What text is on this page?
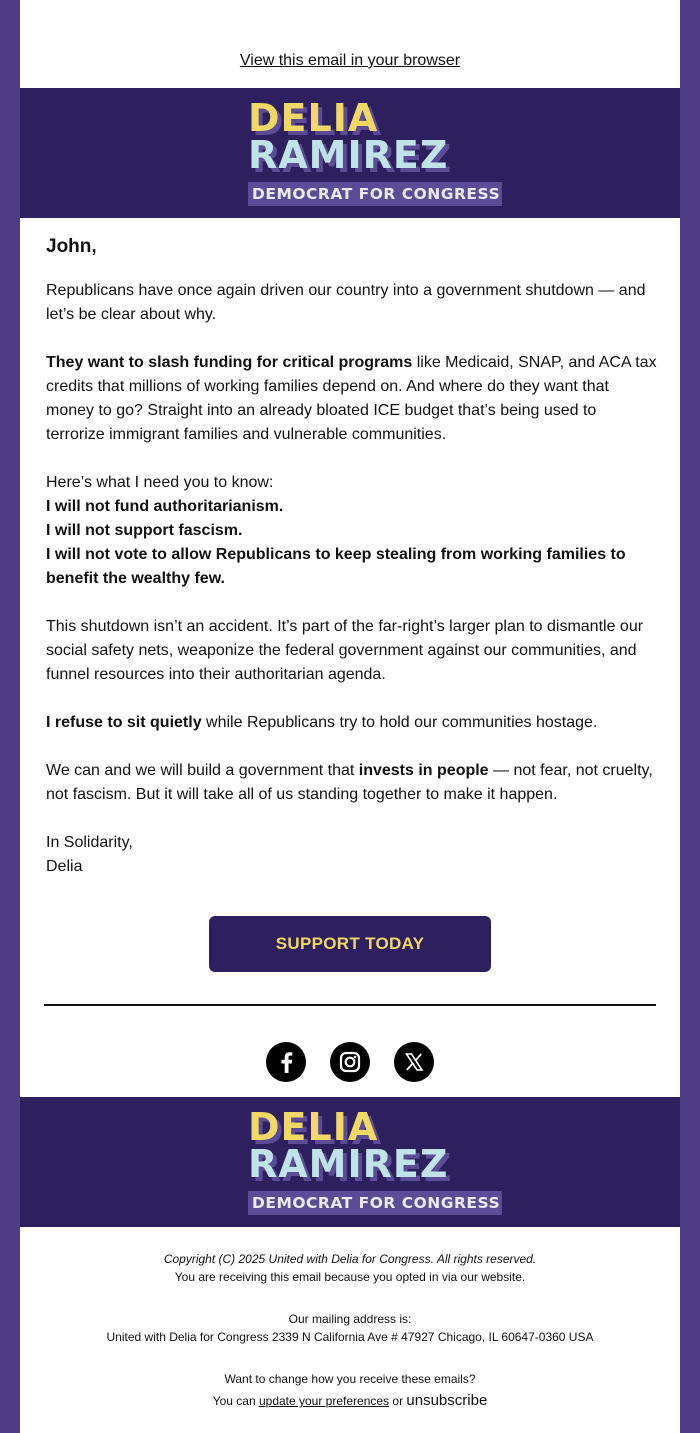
View this email in your browser
DELIA
RAMIREZ
DEMOCRAT FOR CONGRESS
John,
Republicans have once again driven our country into a government shutdown — and let’s be clear about why.
They want to slash funding for critical programs like Medicaid, SNAP, and ACA tax credits that millions of working families depend on. And where do they want that money to go? Straight into an already bloated ICE budget that’s being used to terrorize immigrant families and vulnerable communities.
Here’s what I need you to know:
I will not fund authoritarianism.
I will not support fascism.
I will not vote to allow Republicans to keep stealing from working families to benefit the wealthy few.
This shutdown isn’t an accident. It’s part of the far-right’s larger plan to dismantle our social safety nets, weaponize the federal government against our communities, and funnel resources into their authoritarian agenda.
I refuse to sit quietly while Republicans try to hold our communities hostage.
We can and we will build a government that invests in people — not fear, not cruelty, not fascism. But it will take all of us standing together to make it happen.
In Solidarity,
Delia
SUPPORT TODAY

DELIA
RAMIREZ
DEMOCRAT FOR CONGRESS
Copyright (C) 2025 United with Delia for Congress. All rights reserved.
You are receiving this email because you opted in via our website.
Our mailing address is:
United with Delia for Congress 2339 N California Ave # 47927 Chicago, IL 60647-0360 USA
Want to change how you receive these emails?
You can update your preferences or unsubscribe
